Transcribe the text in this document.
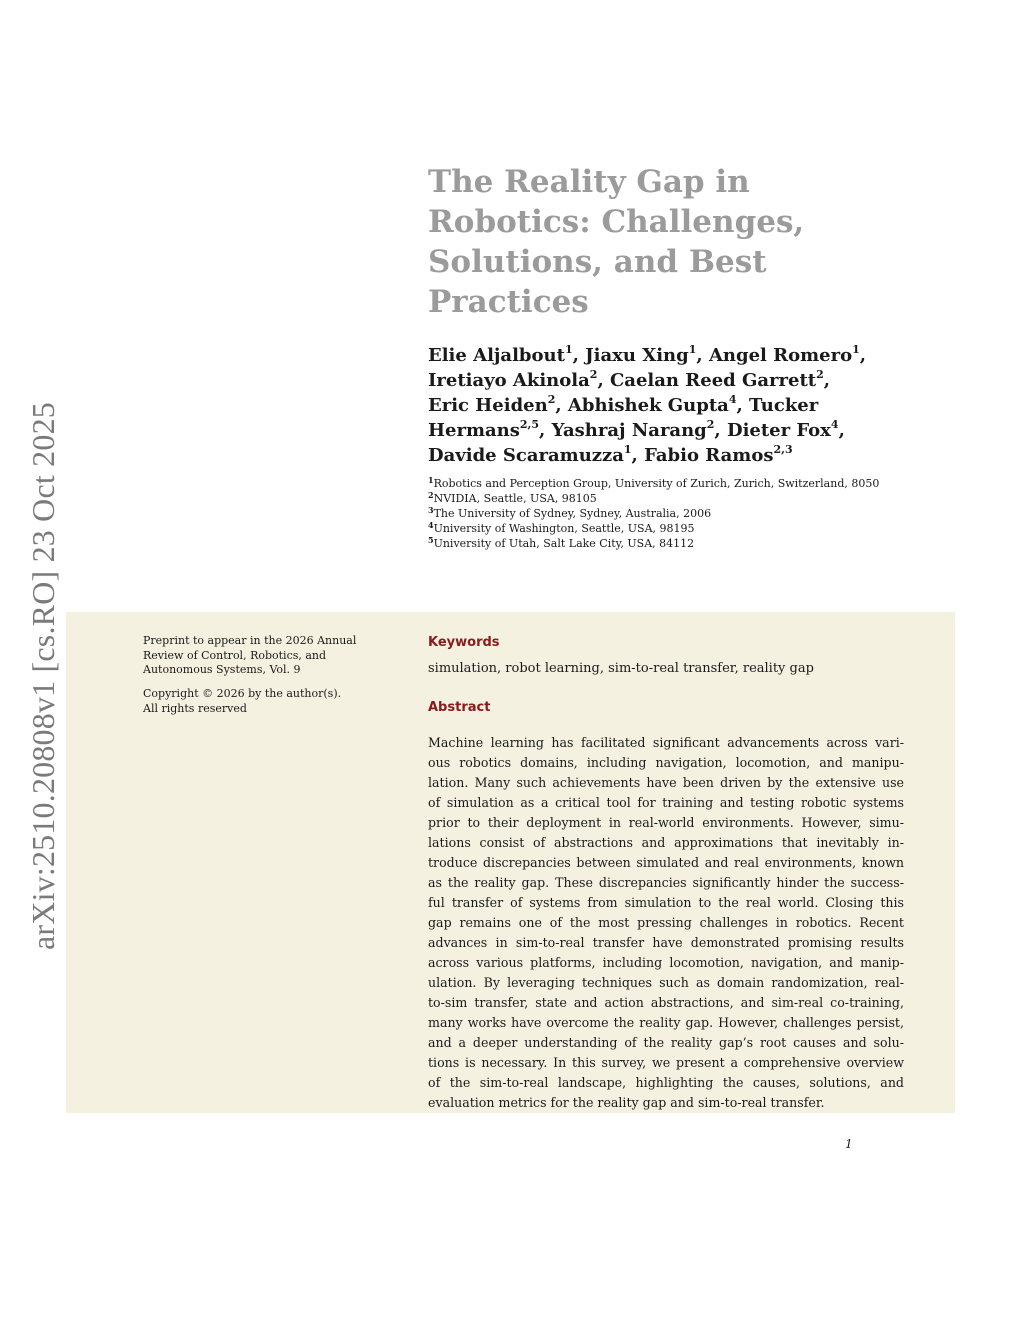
arXiv:2510.20808v1 [cs.RO] 23 Oct 2025
The Reality Gap in
Robotics: Challenges,
Solutions, and Best
Practices
Elie Aljalbout$^1$, Jiaxu Xing$^1$, Angel Romero$^1$,
Iretiayo Akinola$^2$, Caelan Reed Garrett$^2$,
Eric Heiden$^2$, Abhishek Gupta$^4$, Tucker
Hermans$^{2,5}$, Yashraj Narang$^2$, Dieter Fox$^4$,
Davide Scaramuzza$^1$, Fabio Ramos$^{2,3}$
$^1$Robotics and Perception Group, University of Zurich, Zurich, Switzerland, 8050
$^2$NVIDIA, Seattle, USA, 98105
$^3$The University of Sydney, Sydney, Australia, 2006
$^4$University of Washington, Seattle, USA, 98195
$^5$University of Utah, Salt Lake City, USA, 84112
Preprint to appear in the 2026 Annual
Review of Control, Robotics, and
Autonomous Systems, Vol. 9
Copyright © 2026 by the author(s).
All rights reserved
Keywords
simulation, robot learning, sim-to-real transfer, reality gap
Abstract
Machine learning has facilitated significant advancements across vari-
ous robotics domains, including navigation, locomotion, and manipu-
lation. Many such achievements have been driven by the extensive use
of simulation as a critical tool for training and testing robotic systems
prior to their deployment in real-world environments. However, simu-
lations consist of abstractions and approximations that inevitably in-
troduce discrepancies between simulated and real environments, known
as the reality gap. These discrepancies significantly hinder the success-
ful transfer of systems from simulation to the real world. Closing this
gap remains one of the most pressing challenges in robotics. Recent
advances in sim-to-real transfer have demonstrated promising results
across various platforms, including locomotion, navigation, and manip-
ulation. By leveraging techniques such as domain randomization, real-
to-sim transfer, state and action abstractions, and sim-real co-training,
many works have overcome the reality gap. However, challenges persist,
and a deeper understanding of the reality gap’s root causes and solu-
tions is necessary. In this survey, we present a comprehensive overview
of the sim-to-real landscape, highlighting the causes, solutions, and
evaluation metrics for the reality gap and sim-to-real transfer.
1
